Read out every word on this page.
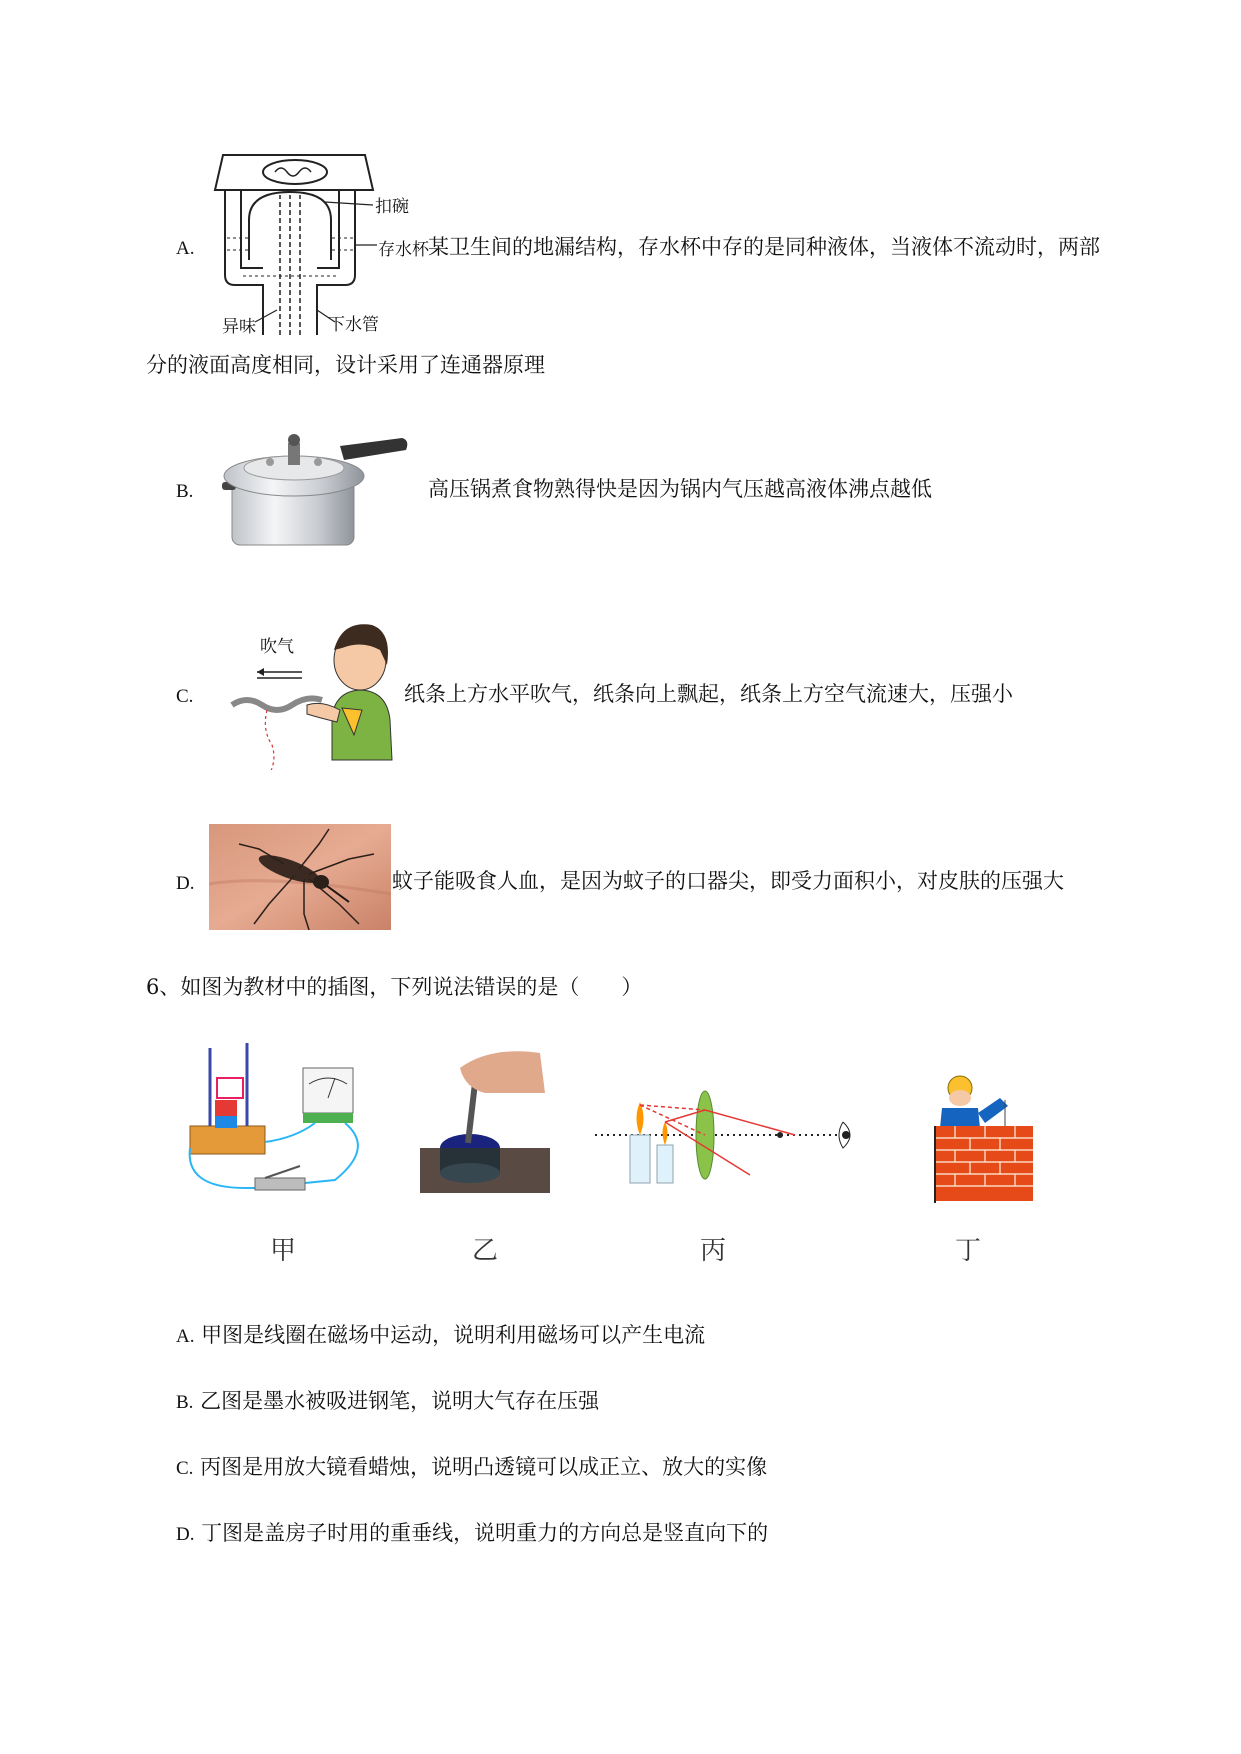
A.
扣碗
存水杯
异味	下水管
某卫生间的地漏结构，存水杯中存的是同种液体，当液体不流动时，两部
分的液面高度相同，设计采用了连通器原理
B.	高压锅煮食物熟得快是因为锅内气压越高液体沸点越低
C.
吹气
纸条上方水平吹气，纸条向上飘起，纸条上方空气流速大，压强小
D.	蚊子能吸食人血，是因为蚊子的口器尖，即受力面积小，对皮肤的压强大
6、如图为教材中的插图，下列说法错误的是（　　）
甲	乙	丙	丁
A. 甲图是线圈在磁场中运动，说明利用磁场可以产生电流
B. 乙图是墨水被吸进钢笔，说明大气存在压强
C. 丙图是用放大镜看蜡烛，说明凸透镜可以成正立、放大的实像
D. 丁图是盖房子时用的重垂线，说明重力的方向总是竖直向下的
